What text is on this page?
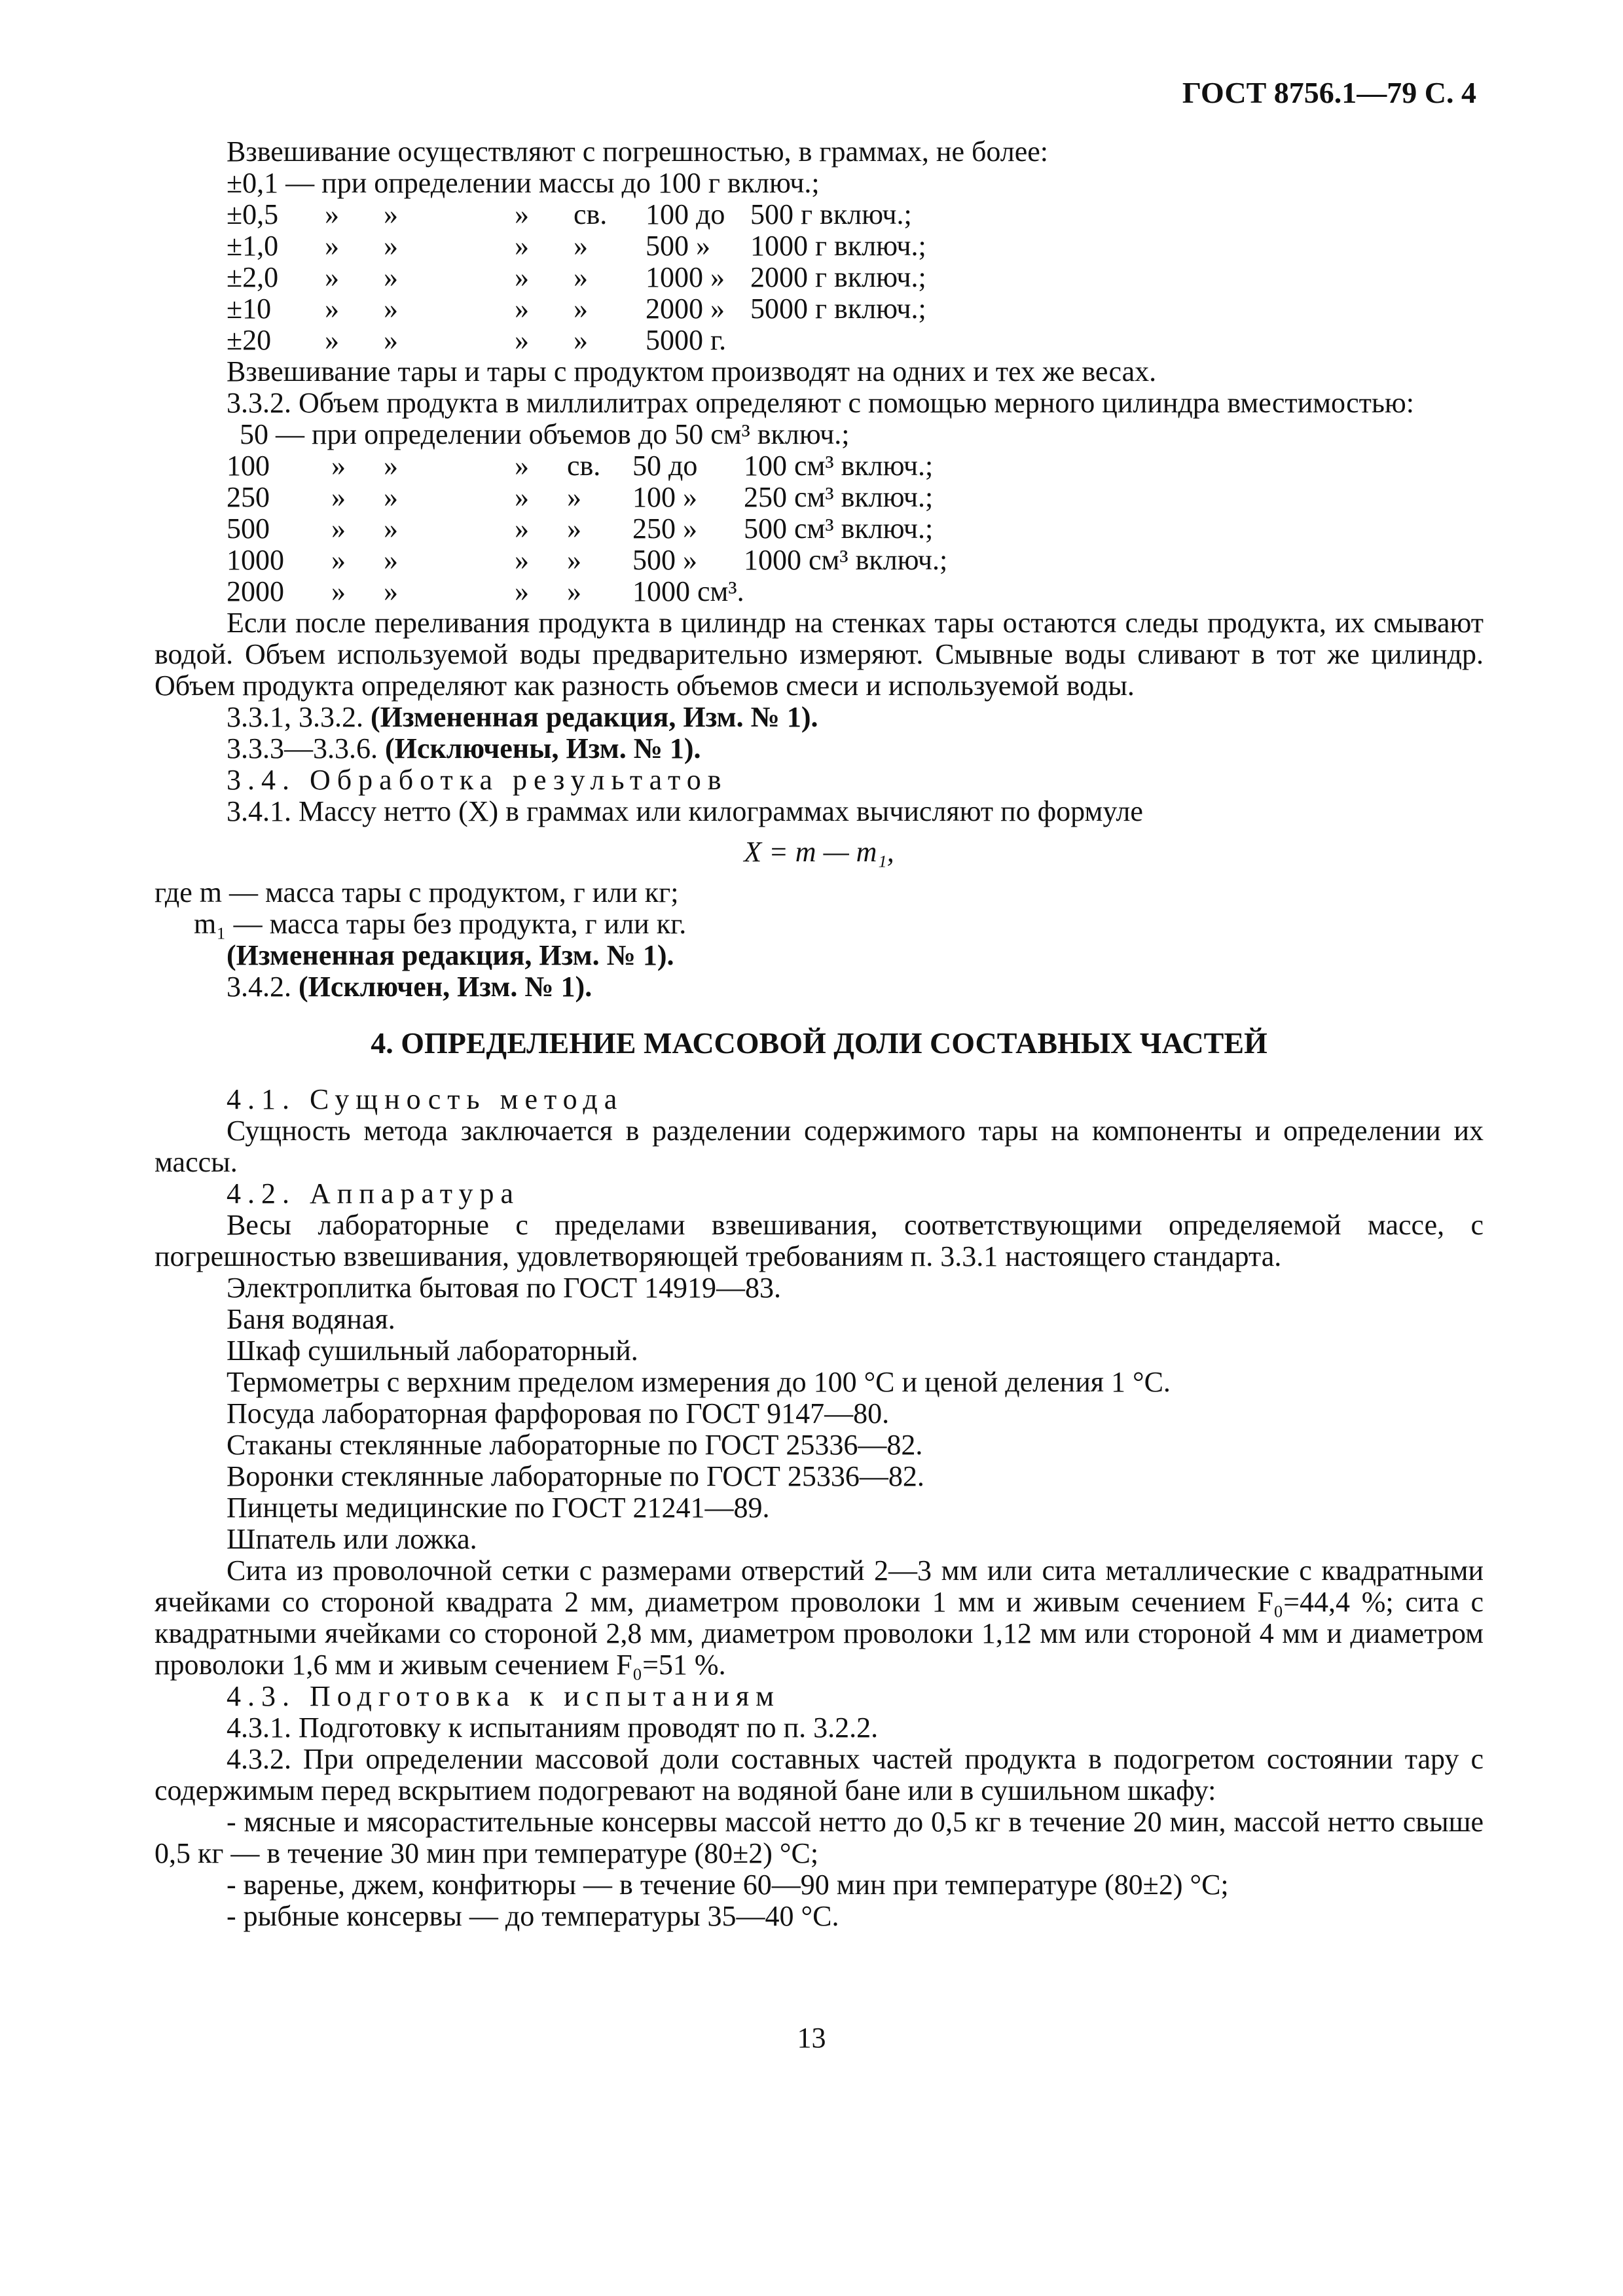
ГОСТ 8756.1—79 С. 4
Взвешивание осуществляют с погрешностью, в граммах, не более:
±0,1 — при определении массы до 100 г включ.;
±0,5	»	»	»	св.	100 до 500 г включ.;
±1,0	»	»	»	»	500 » 1000 г включ.;
±2,0	»	»	»	»	1000 » 2000 г включ.;
±10	»	»	»	»	2000 » 5000 г включ.;
±20	»	»	»	»	5000 г.
Взвешивание тары и тары с продуктом производят на одних и тех же весах.
3.3.2. Объем продукта в миллилитрах определяют с помощью мерного цилиндра вместимостью:
50 — при определении объемов до 50 см³ включ.;
100	»	»	»	св.	50 до 100 см³ включ.;
250	»	»	»	»	100 » 250 см³ включ.;
500	»	»	»	»	250 » 500 см³ включ.;
1000	»	»	»	»	500 » 1000 см³ включ.;
2000	»	»	»	»	1000 см³.

Если после переливания продукта в цилиндр на стенках тары остаются следы продукта, их смывают водой. Объем используемой воды предварительно измеряют. Смывные воды сливают в тот же цилиндр. Объем продукта определяют как разность объемов смеси и используемой воды.

3.3.1, 3.3.2. (Измененная редакция, Изм. № 1).
3.3.3—3.3.6. (Исключены, Изм. № 1).
3.4. Обработка результатов
3.4.1. Массу нетто (X) в граммах или килограммах вычисляют по формуле
X = m — m₁,
где m — масса тары с продуктом, г или кг;
m₁ — масса тары без продукта, г или кг.
(Измененная редакция, Изм. № 1).
3.4.2. (Исключен, Изм. № 1).
4. ОПРЕДЕЛЕНИЕ МАССОВОЙ ДОЛИ СОСТАВНЫХ ЧАСТЕЙ
4.1. Сущность метода

Сущность метода заключается в разделении содержимого тары на компоненты и определении их массы.

4.2. Аппаратура

Весы лабораторные с пределами взвешивания, соответствующими определяемой массе, с погрешностью взвешивания, удовлетворяющей требованиям п. 3.3.1 настоящего стандарта.

Электроплитка бытовая по ГОСТ 14919—83.
Баня водяная.
Шкаф сушильный лабораторный.
Термометры с верхним пределом измерения до 100 °С и ценой деления 1 °С.
Посуда лабораторная фарфоровая по ГОСТ 9147—80.
Стаканы стеклянные лабораторные по ГОСТ 25336—82.
Воронки стеклянные лабораторные по ГОСТ 25336—82.
Пинцеты медицинские по ГОСТ 21241—89.
Шпатель или ложка.

Сита из проволочной сетки с размерами отверстий 2—3 мм или сита металлические с квадратными ячейками со стороной квадрата 2 мм, диаметром проволоки 1 мм и живым сечением F₀=44,4 %; сита с квадратными ячейками со стороной 2,8 мм, диаметром проволоки 1,12 мм или стороной 4 мм и диаметром проволоки 1,6 мм и живым сечением F₀=51 %.

4.3. Подготовка к испытаниям
4.3.1. Подготовку к испытаниям проводят по п. 3.2.2.

4.3.2. При определении массовой доли составных частей продукта в подогретом состоянии тару с содержимым перед вскрытием подогревают на водяной бане или в сушильном шкафу:

- мясные и мясорастительные консервы массой нетто до 0,5 кг в течение 20 мин, массой нетто свыше 0,5 кг — в течение 30 мин при температуре (80±2) °С;

- варенье, джем, конфитюры — в течение 60—90 мин при температуре (80±2) °С;
- рыбные консервы — до температуры 35—40 °С.
13
